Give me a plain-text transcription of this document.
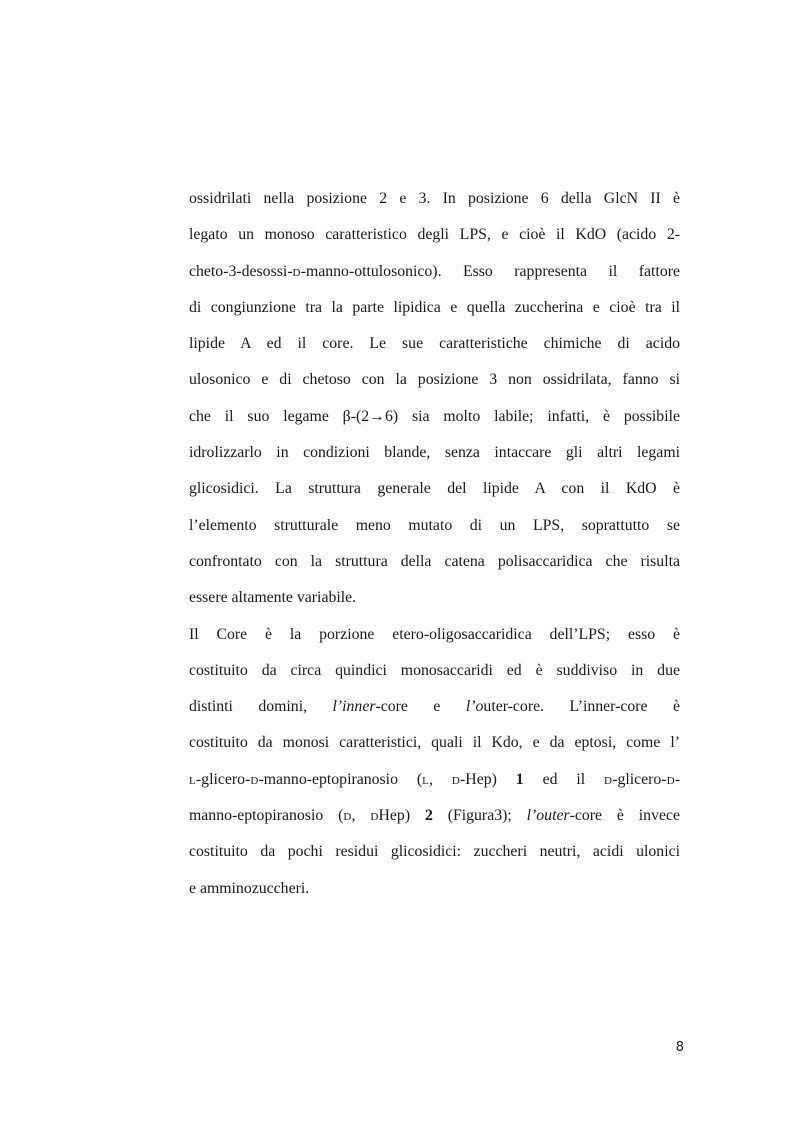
ossidrilati nella posizione 2 e 3. In posizione 6 della GlcN II è
legato un monoso caratteristico degli LPS, e cioè il KdO (acido 2-
cheto-3-desossi-D-manno-ottulosonico). Esso rappresenta il fattore
di congiunzione tra la parte lipidica e quella zuccherina e cioè tra il
lipide A ed il core. Le sue caratteristiche chimiche di acido
ulosonico e di chetoso con la posizione 3 non ossidrilata, fanno si
che il suo legame β-(2→6) sia molto labile; infatti, è possibile
idrolizzarlo in condizioni blande, senza intaccare gli altri legami
glicosidici. La struttura generale del lipide A con il KdO è
l’elemento strutturale meno mutato di un LPS, soprattutto se
confrontato con la struttura della catena polisaccaridica che risulta
essere altamente variabile.
Il Core è la porzione etero-oligosaccaridica dell’LPS; esso è
costituito da circa quindici monosaccaridi ed è suddiviso in due
distinti domini, l’inner-core e l’outer-core. L’inner-core è
costituito da monosi caratteristici, quali il Kdo, e da eptosi, come l’
L-glicero-D-manno-eptopiranosio (L, D-Hep) 1 ed il D-glicero-D-
manno-eptopiranosio (D, DHep) 2 (Figura3); l’outer-core è invece
costituito da pochi residui glicosidici: zuccheri neutri, acidi ulonici
e amminozuccheri.
8
